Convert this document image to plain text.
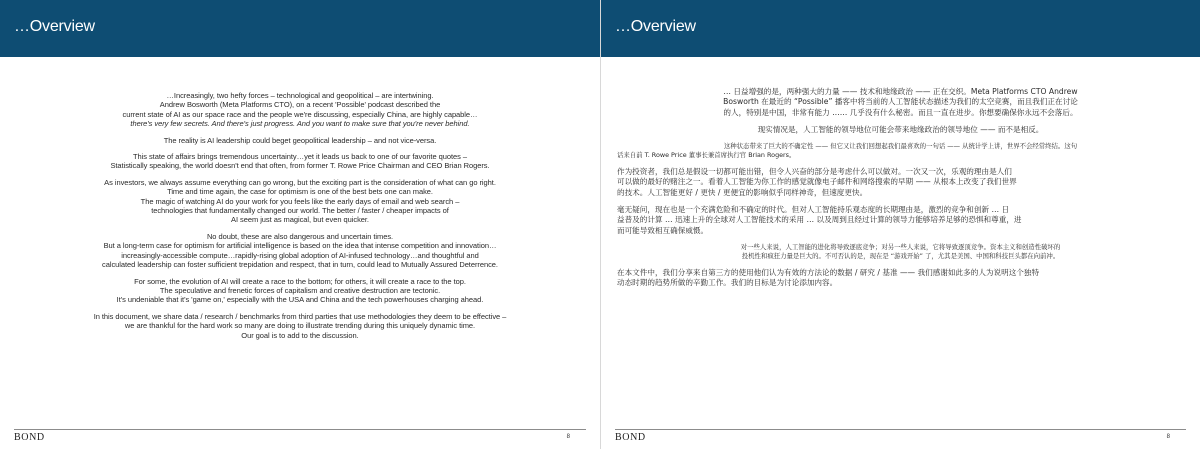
…Overview

…Increasingly, two hefty forces – technological and geopolitical – are intertwining.
Andrew Bosworth (Meta Platforms CTO), on a recent 'Possible' podcast described the
current state of AI as our space race and the people we're discussing, especially China, are highly capable…
there's very few secrets. And there's just progress. And you want to make sure that you're never behind.

The reality is AI leadership could beget geopolitical leadership – and not vice-versa.

This state of affairs brings tremendous uncertainty…yet it leads us back to one of our favorite quotes –
Statistically speaking, the world doesn't end that often, from former T. Rowe Price Chairman and CEO Brian Rogers.

As investors, we always assume everything can go wrong, but the exciting part is the consideration of what can go right.
Time and time again, the case for optimism is one of the best bets one can make.
The magic of watching AI do your work for you feels like the early days of email and web search –
technologies that fundamentally changed our world. The better / faster / cheaper impacts of
AI seem just as magical, but even quicker.

No doubt, these are also dangerous and uncertain times.
But a long-term case for optimism for artificial intelligence is based on the idea that intense competition and innovation…
increasingly-accessible compute…rapidly-rising global adoption of AI-infused technology…and thoughtful and
calculated leadership can foster sufficient trepidation and respect, that in turn, could lead to Mutually Assured Deterrence.

For some, the evolution of AI will create a race to the bottom; for others, it will create a race to the top.
The speculative and frenetic forces of capitalism and creative destruction are tectonic.
It's undeniable that it's 'game on,' especially with the USA and China and the tech powerhouses charging ahead.

In this document, we share data / research / benchmarks from third parties that use methodologies they deem to be effective –
we are thankful for the hard work so many are doing to illustrate trending during this uniquely dynamic time.
Our goal is to add to the discussion.

BOND	8
…Overview

… 日益增强的是，两种强大的力量 —— 技术和地缘政治 —— 正在交织。Meta Platforms CTO Andrew
Bosworth 在最近的 “Possible” 播客中将当前的人工智能状态描述为我们的太空竞赛，而且我们正在讨论
的人，特别是中国，非常有能力 …… 几乎没有什么秘密。而且一直在进步。你想要确保你永远不会落后。

现实情况是，人工智能的领导地位可能会带来地缘政治的领导地位 —— 而不是相反。

这种状态带来了巨大的不确定性 —— 但它又让我们回想起我们最喜欢的一句话 —— 从统计学上讲，世界不会经常终结。这句
话来自前 T. Rowe Price 董事长兼首席执行官 Brian Rogers。

作为投资者，我们总是假设一切都可能出错，但令人兴奋的部分是考虑什么可以做对。一次又一次，乐观的理由是人们
可以做的最好的赌注之一。看着人工智能为你工作的感觉就像电子邮件和网络搜索的早期 —— 从根本上改变了我们世界
的技术。人工智能更好 / 更快 / 更便宜的影响似乎同样神奇，但速度更快。

毫无疑问，现在也是一个充满危险和不确定的时代。但对人工智能持乐观态度的长期理由是，激烈的竞争和创新 … 日
益普及的计算 … 迅速上升的全球对人工智能技术的采用 … 以及周到且经过计算的领导力能够培养足够的恐惧和尊重，进
而可能导致相互确保威慑。

对一些人来说，人工智能的进化将导致逐底竞争；对另一些人来说，它将导致逐顶竞争。资本主义和创造性破坏的
投机性和疯狂力量是巨大的。不可否认的是，现在是 “游戏开始” 了，尤其是美国、中国和科技巨头都在向前冲。

在本文件中，我们分享来自第三方的使用他们认为有效的方法论的数据 / 研究 / 基准 —— 我们感谢如此多的人为说明这个独特
动态时期的趋势所做的辛勤工作。我们的目标是为讨论添加内容。

BOND	8
